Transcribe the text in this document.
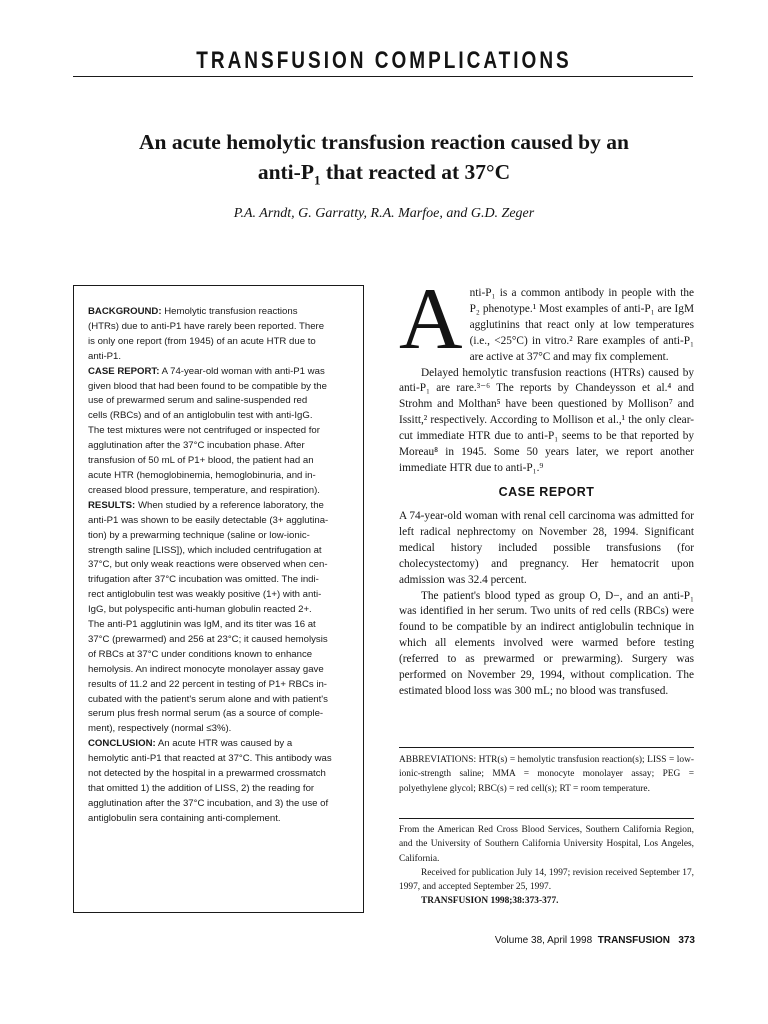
TRANSFUSION COMPLICATIONS
An acute hemolytic transfusion reaction caused by an
anti-$P_1$ that reacted at 37°C
P.A. Arndt, G. Garratty, R.A. Marfoe, and G.D. Zeger
BACKGROUND: Hemolytic transfusion reactions
(HTRs) due to anti-P1 have rarely been reported. There
is only one report (from 1945) of an acute HTR due to
anti-P1.
CASE REPORT: A 74-year-old woman with anti-P1 was
given blood that had been found to be compatible by the
use of prewarmed serum and saline-suspended red
cells (RBCs) and of an antiglobulin test with anti-IgG.
The test mixtures were not centrifuged or inspected for
agglutination after the 37°C incubation phase. After
transfusion of 50 mL of P1+ blood, the patient had an
acute HTR (hemoglobinemia, hemoglobinuria, and in-
creased blood pressure, temperature, and respiration).
RESULTS: When studied by a reference laboratory, the
anti-P1 was shown to be easily detectable (3+ agglutina-
tion) by a prewarming technique (saline or low-ionic-
strength saline [LISS]), which included centrifugation at
37°C, but only weak reactions were observed when cen-
trifugation after 37°C incubation was omitted. The indi-
rect antiglobulin test was weakly positive (1+) with anti-
IgG, but polyspecific anti-human globulin reacted 2+.
The anti-P1 agglutinin was IgM, and its titer was 16 at
37°C (prewarmed) and 256 at 23°C; it caused hemolysis
of RBCs at 37°C under conditions known to enhance
hemolysis. An indirect monocyte monolayer assay gave
results of 11.2 and 22 percent in testing of P1+ RBCs in-
cubated with the patient's serum alone and with patient's
serum plus fresh normal serum (as a source of comple-
ment), respectively (normal ≤3%).
CONCLUSION: An acute HTR was caused by a
hemolytic anti-P1 that reacted at 37°C. This antibody was
not detected by the hospital in a prewarmed crossmatch
that omitted 1) the addition of LISS, 2) the reading for
agglutination after the 37°C incubation, and 3) the use of
antiglobulin sera containing anti-complement.
A nti-P₁ is a common antibody in people with the P₂ phenotype.¹ Most examples of anti-P₁ are IgM agglutinins that react only at low temperatures (i.e., <25°C) in vitro.² Rare examples of anti-P₁ are active at 37°C and may fix complement.

Delayed hemolytic transfusion reactions (HTRs) caused by anti-P₁ are rare.³⁻⁶ The reports by Chandeysson et al.⁴ and Strohm and Molthan⁵ have been questioned by Mollison⁷ and Issitt,² respectively. According to Mollison et al.,¹ the only clear-cut immediate HTR due to anti-P₁ seems to be that reported by Moreau⁸ in 1945. Some 50 years later, we report another immediate HTR due to anti-P₁.⁹

CASE REPORT

A 74-year-old woman with renal cell carcinoma was admitted for left radical nephrectomy on November 28, 1994. Significant medical history included possible transfusions (for cholecystectomy) and pregnancy. Her hematocrit upon admission was 32.4 percent.

The patient's blood typed as group O, D−, and an anti-P₁ was identified in her serum. Two units of red cells (RBCs) were found to be compatible by an indirect antiglobulin technique in which all elements involved were warmed before testing (referred to as prewarmed or prewarming). Surgery was performed on November 29, 1994, without complication. The estimated blood loss was 300 mL; no blood was transfused.

ABBREVIATIONS: HTR(s) = hemolytic transfusion reaction(s); LISS = low-ionic-strength saline; MMA = monocyte monolayer assay; PEG = polyethylene glycol; RBC(s) = red cell(s); RT = room temperature.

From the American Red Cross Blood Services, Southern California Region, and the University of Southern California University Hospital, Los Angeles, California.

Received for publication July 14, 1997; revision received September 17, 1997, and accepted September 25, 1997.

TRANSFUSION 1998;38:373-377.

Volume 38, April 1998 TRANSFUSION 373
